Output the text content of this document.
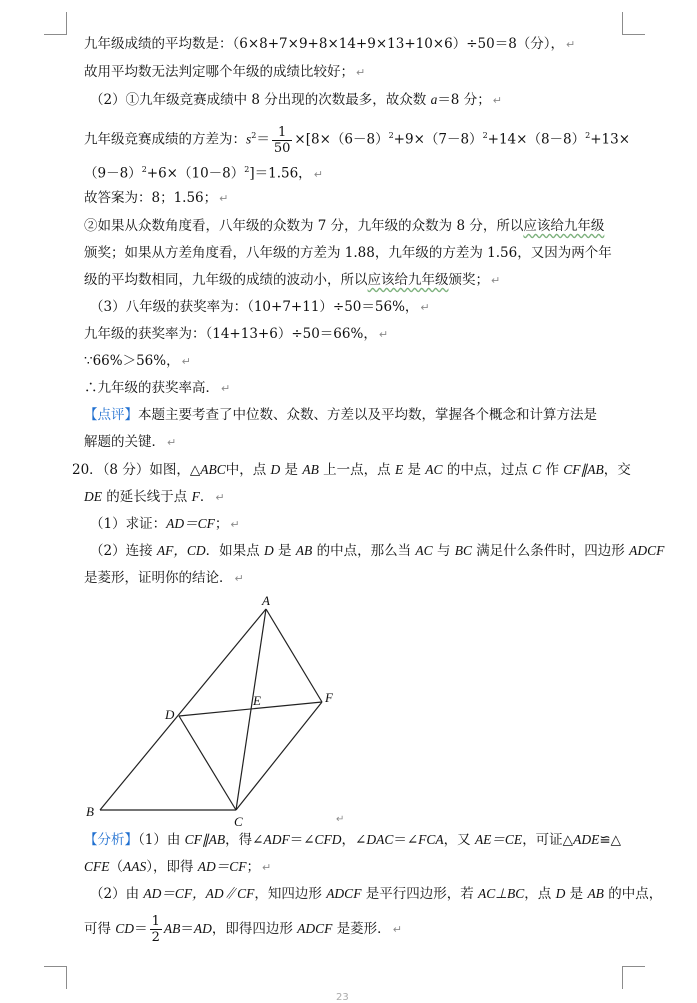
九年级成绩的平均数是：（6×8+7×9+8×14+9×13+10×6）÷50＝8（分）， ↵
故用平均数无法判定哪个年级的成绩比较好； ↵
（2）①九年级竞赛成绩中 8 分出现的次数最多，故众数 a＝8 分； ↵
九年级竞赛成绩的方差为：$s^2= \frac{1}{50} \times[8\times(6-8)^2+9\times(7-8)^2+14\times(8-8)^2+13\times$
$(9-8)^2+6\times(10-8)^2]=1.56$， ↵
故答案为：8；1.56； ↵
②如果从众数角度看，八年级的众数为 7 分，九年级的众数为 8 分，所以应该给九年级
颁奖；如果从方差角度看，八年级的方差为 1.88，九年级的方差为 1.56，又因为两个年
级的平均数相同，九年级的成绩的波动小，所以应该给九年级颁奖； ↵
（3）八年级的获奖率为：（10+7+11）÷50＝56%， ↵
九年级的获奖率为：（14+13+6）÷50＝66%， ↵
∵66%＞56%， ↵
∴九年级的获奖率高． ↵
【点评】本题主要考查了中位数、众数、方差以及平均数，掌握各个概念和计算方法是
解题的关键． ↵
20．（8 分）如图，△ABC中，点 D 是 AB 上一点，点 E 是 AC 的中点，过点 C 作 CF∥AB，交
DE 的延长线于点 F． ↵
（1）求证：AD＝CF； ↵
（2）连接 AF，CD．如果点 D 是 AB 的中点，那么当 AC 与 BC 满足什么条件时，四边形 ADCF
是菱形，证明你的结论． ↵
A
B
C
D
E	F
↵
【分析】（1）由 CF∥AB，得∠ADF＝∠CFD，∠DAC＝∠FCA，又 AE＝CE，可证△ADE≌△
CFE（AAS），即得 AD＝CF； ↵
（2）由 AD＝CF，AD∥CF，知四边形 ADCF 是平行四边形，若 AC⊥BC，点 D 是 AB 的中点，
可得 $CD= \frac{1}{2} AB=AD$，即得四边形 ADCF 是菱形． ↵
23
